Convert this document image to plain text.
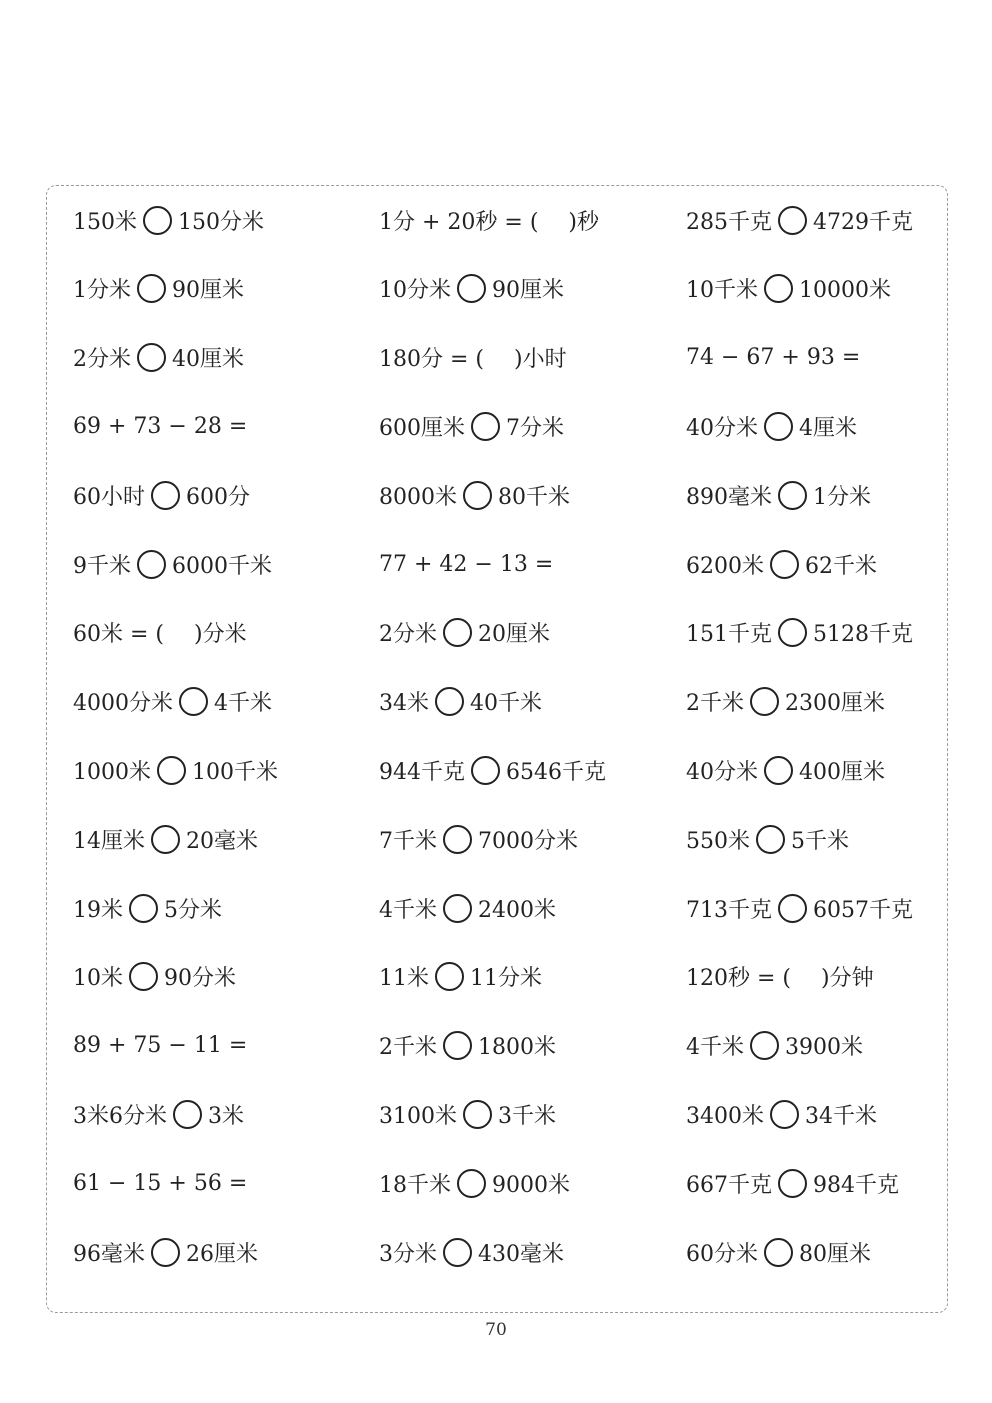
150米 150分米	1分 + 20秒 = ( )秒	285千克 4729千克
1分米 90厘米	10分米 90厘米	10千米 10000米
2分米 40厘米	180分 = ( )小时	74 − 67 + 93 =
69 + 73 − 28 =	600厘米 7分米	40分米 4厘米
60小时 600分	8000米 80千米	890毫米 1分米
9千米 6000千米	77 + 42 − 13 =	6200米 62千米
60米 = ( )分米	2分米 20厘米	151千克 5128千克
4000分米 4千米	34米 40千米	2千米 2300厘米
1000米 100千米	944千克 6546千克	40分米 400厘米
14厘米 20毫米	7千米 7000分米	550米 5千米
19米 5分米	4千米 2400米	713千克 6057千克
10米 90分米	11米 11分米	120秒 = ( )分钟
89 + 75 − 11 =	2千米 1800米	4千米 3900米
3米6分米 3米	3100米 3千米	3400米 34千米
61 − 15 + 56 =	18千米 9000米	667千克 984千克
96毫米 26厘米	3分米 430毫米	60分米 80厘米
70
